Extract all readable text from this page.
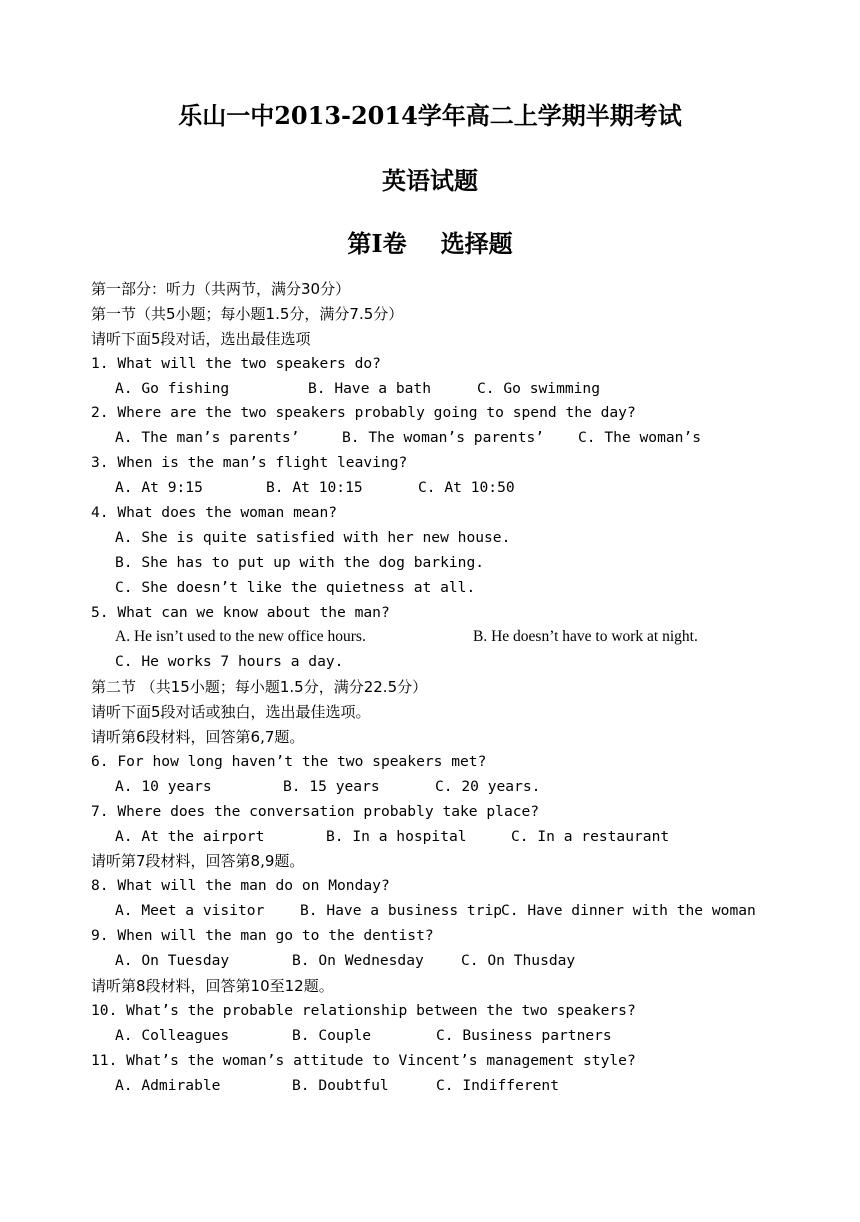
乐山一中2013-2014学年高二上学期半期考试
英语试题
第Ⅰ卷 选择题
第一部分：听力（共两节，满分30分）
第一节（共5小题；每小题1.5分，满分7.5分）
请听下面5段对话，选出最佳选项
1. What will the two speakers do?
A. Go fishing	B. Have a bath	C. Go swimming
2. Where are the two speakers probably going to spend the day?
A. The man’s parents’	B. The woman’s parents’ C. The woman’s
3. When is the man’s flight leaving?
A. At 9:15	B. At 10:15	C. At 10:50
4. What does the woman mean?
A. She is quite satisfied with her new house.
B. She has to put up with the dog barking.
C. She doesn’t like the quietness at all.
5. What can we know about the man?
A. He isn’t used to the new office hours.	B. He doesn’t have to work at night.
C. He works 7 hours a day.
第二节 （共15小题；每小题1.5分，满分22.5分）
请听下面5段对话或独白，选出最佳选项。
请听第6段材料，回答第6,7题。
6. For how long haven’t the two speakers met?
A. 10 years	B. 15 years	C. 20 years.
7. Where does the conversation probably take place?
A. At the airport	B. In a hospital	C. In a restaurant
请听第7段材料，回答第8,9题。
8. What will the man do on Monday?
A. Meet a visitor B. Have a business tripC. Have dinner with the woman
9. When will the man go to the dentist?
A. On Tuesday	B. On Wednesday	C. On Thusday
请听第8段材料，回答第10至12题。
10. What’s the probable relationship between the two speakers?
A. Colleagues	B. Couple	C. Business partners
11. What’s the woman’s attitude to Vincent’s management style?
A. Admirable	B. Doubtful	C. Indifferent
